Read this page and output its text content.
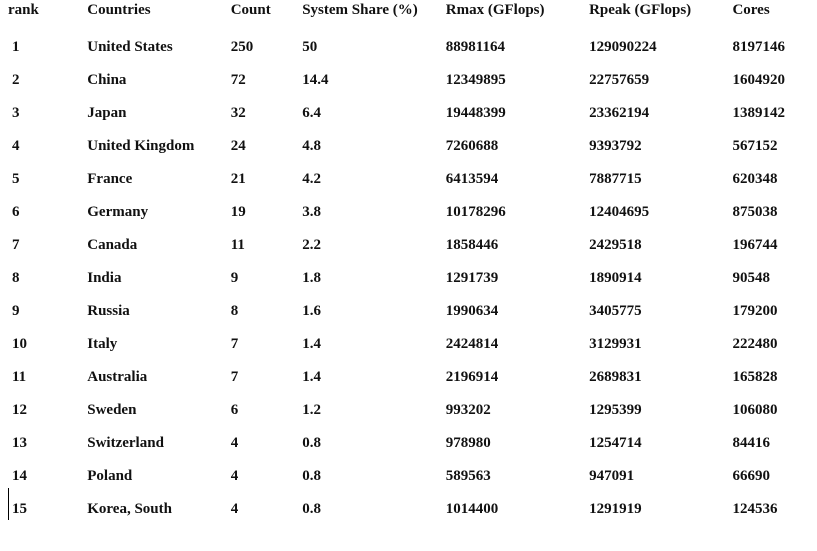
rank	Countries	Count	System Share (%)	Rmax (GFlops)	Rpeak (GFlops)	Cores
1	United States	250	50	88981164	129090224	8197146
2	China	72	14.4	12349895	22757659	1604920
3	Japan	32	6.4	19448399	23362194	1389142
4	United Kingdom	24	4.8	7260688	9393792	567152
5	France	21	4.2	6413594	7887715	620348
6	Germany	19	3.8	10178296	12404695	875038
7	Canada	11	2.2	1858446	2429518	196744
8	India	9	1.8	1291739	1890914	90548
9	Russia	8	1.6	1990634	3405775	179200
10	Italy	7	1.4	2424814	3129931	222480
11	Australia	7	1.4	2196914	2689831	165828
12	Sweden	6	1.2	993202	1295399	106080
13	Switzerland	4	0.8	978980	1254714	84416
14	Poland	4	0.8	589563	947091	66690
15	Korea, South	4	0.8	1014400	1291919	124536
